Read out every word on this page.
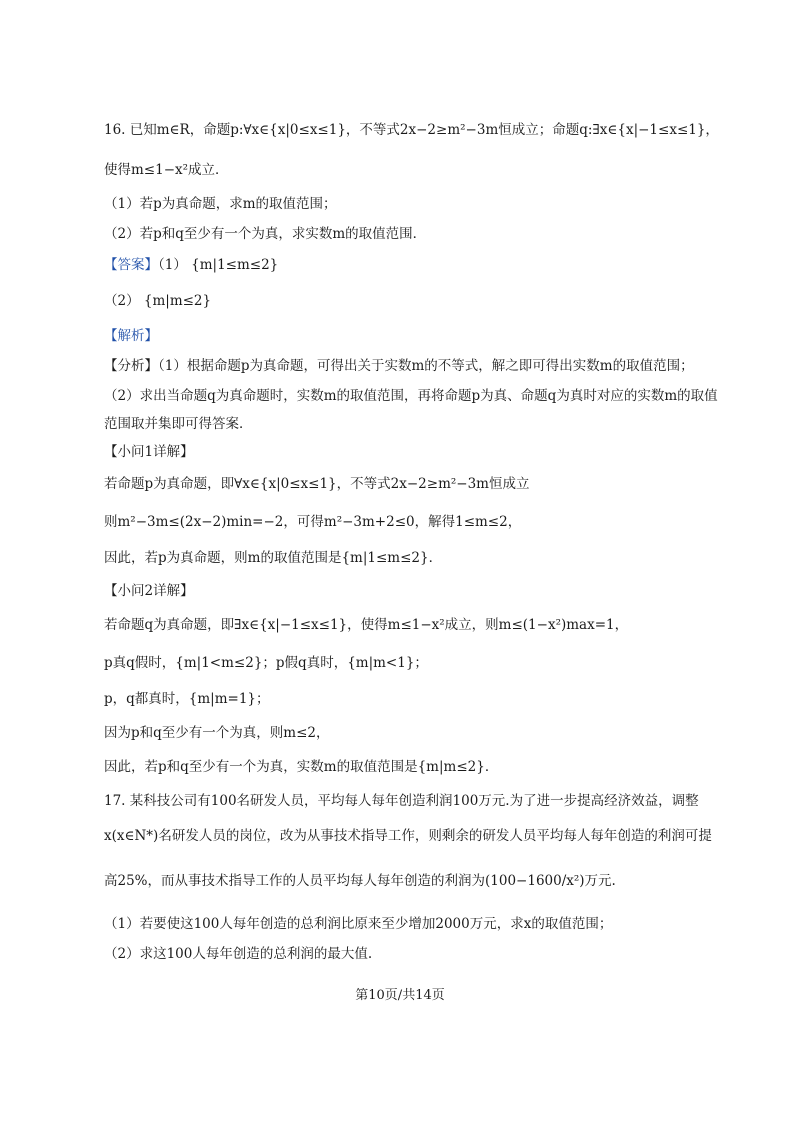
16. 已知m∈R，命题p:∀x∈{x|0≤x≤1}，不等式2x−2≥m²−3m恒成立；命题q:∃x∈{x|−1≤x≤1}，
使得m≤1−x²成立．
（1）若p为真命题，求m的取值范围；
（2）若p和q至少有一个为真，求实数m的取值范围．
【答案】（1） {m|1≤m≤2}
（2） {m|m≤2}
【解析】
【分析】（1）根据命题p为真命题，可得出关于实数m的不等式，解之即可得出实数m的取值范围；
（2）求出当命题q为真命题时，实数m的取值范围，再将命题p为真、命题q为真时对应的实数m的取值
范围取并集即可得答案．
【小问1详解】
若命题p为真命题，即∀x∈{x|0≤x≤1}，不等式2x−2≥m²−3m恒成立
则m²−3m≤(2x−2)min=−2，可得m²−3m+2≤0，解得1≤m≤2，
因此，若p为真命题，则m的取值范围是{m|1≤m≤2}．
【小问2详解】
若命题q为真命题，即∃x∈{x|−1≤x≤1}，使得m≤1−x²成立，则m≤(1−x²)max=1，
p真q假时，{m|1<m≤2}；p假q真时，{m|m<1}；
p，q都真时，{m|m=1}；
因为p和q至少有一个为真，则m≤2，
因此，若p和q至少有一个为真，实数m的取值范围是{m|m≤2}．
17. 某科技公司有100名研发人员，平均每人每年创造利润100万元.为了进一步提高经济效益，调整
x(x∈N*)名研发人员的岗位，改为从事技术指导工作，则剩余的研发人员平均每人每年创造的利润可提
高25%，而从事技术指导工作的人员平均每人每年创造的利润为(100−1600/x²)万元.
（1）若要使这100人每年创造的总利润比原来至少增加2000万元，求x的取值范围；
（2）求这100人每年创造的总利润的最大值.
第10页/共14页
